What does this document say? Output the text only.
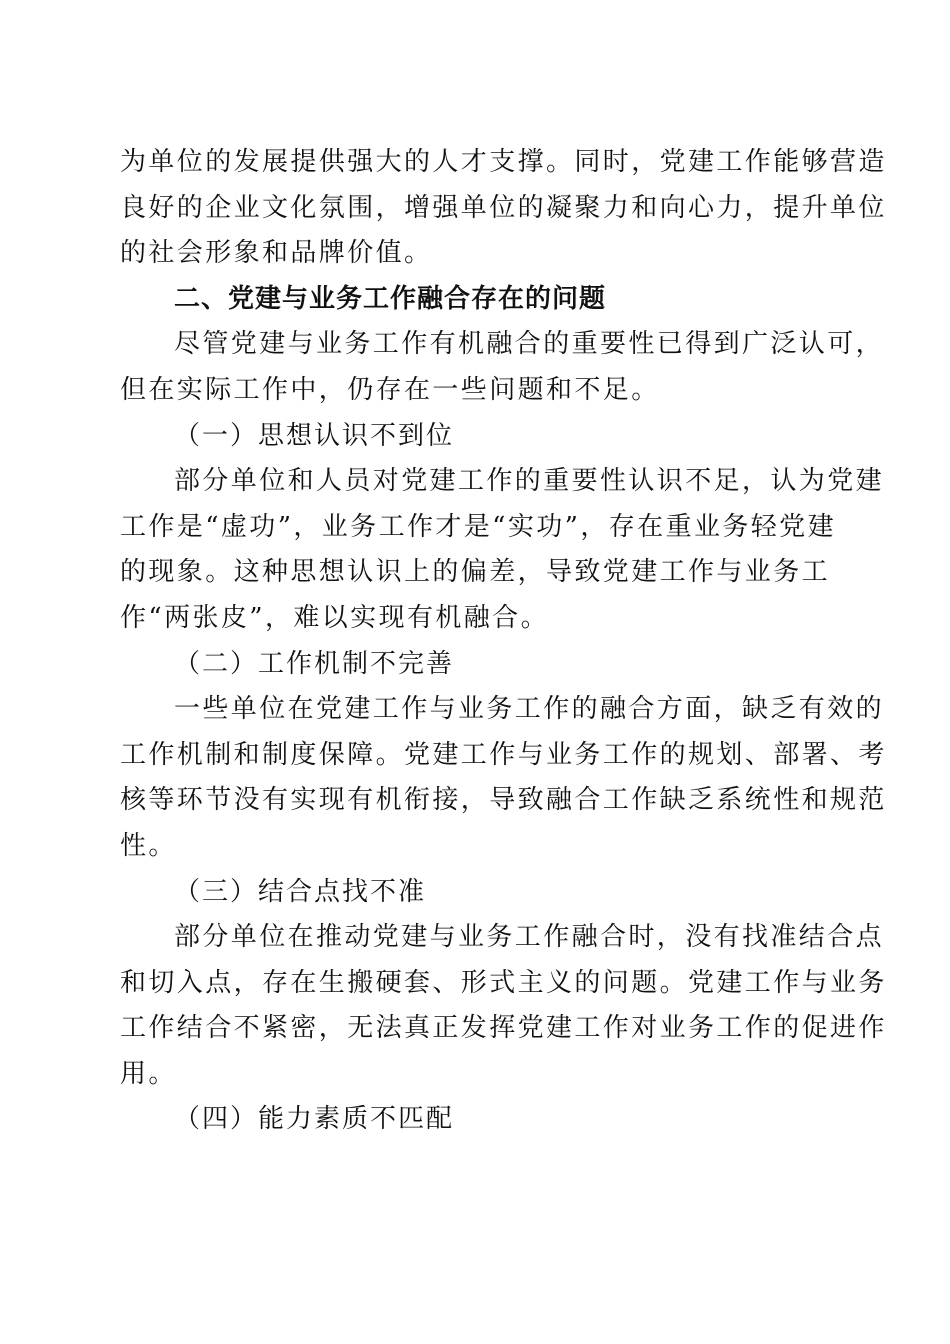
为单位的发展提供强大的人才支撑。同时，党建工作能够营造
良好的企业文化氛围，增强单位的凝聚力和向心力，提升单位
的社会形象和品牌价值。
二、党建与业务工作融合存在的问题
尽管党建与业务工作有机融合的重要性已得到广泛认可，
但在实际工作中，仍存在一些问题和不足。
（一）思想认识不到位
部分单位和人员对党建工作的重要性认识不足，认为党建
工作是“虚功”，业务工作才是“实功”，存在重业务轻党建
的现象。这种思想认识上的偏差，导致党建工作与业务工
作“两张皮”，难以实现有机融合。
（二）工作机制不完善
一些单位在党建工作与业务工作的融合方面，缺乏有效的
工作机制和制度保障。党建工作与业务工作的规划、部署、考
核等环节没有实现有机衔接，导致融合工作缺乏系统性和规范
性。
（三）结合点找不准
部分单位在推动党建与业务工作融合时，没有找准结合点
和切入点，存在生搬硬套、形式主义的问题。党建工作与业务
工作结合不紧密，无法真正发挥党建工作对业务工作的促进作
用。
（四）能力素质不匹配
